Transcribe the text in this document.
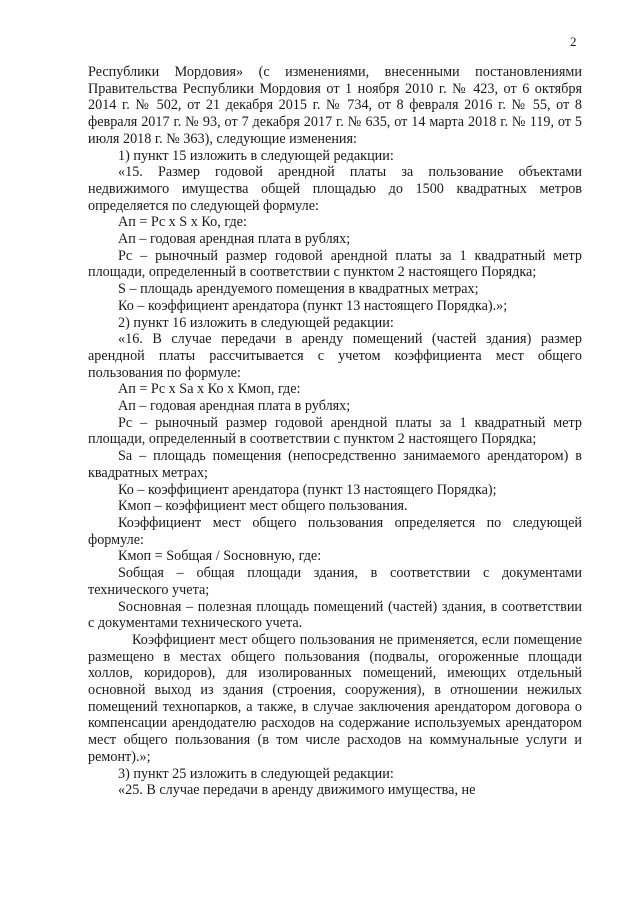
2

Республики Мордовия» (с изменениями, внесенными постановлениями Правительства Республики Мордовия от 1 ноября 2010 г. № 423, от 6 октября 2014 г. № 502, от 21 декабря 2015 г. № 734, от 8 февраля 2016 г. № 55, от 8 февраля 2017 г. № 93, от 7 декабря 2017 г. № 635, от 14 марта 2018 г. № 119, от 5 июля 2018 г. № 363), следующие изменения:

1) пункт 15 изложить в следующей редакции:

«15. Размер годовой арендной платы за пользование объектами недвижимого имущества общей площадью до 1500 квадратных метров определяется по следующей формуле:

Ап = Рс x S x Ко, где:

Ап – годовая арендная плата в рублях;

Рс – рыночный размер годовой арендной платы за 1 квадратный метр площади, определенный в соответствии с пунктом 2 настоящего Порядка;

S – площадь арендуемого помещения в квадратных метрах;

Ко – коэффициент арендатора (пункт 13 настоящего Порядка).»;

2) пункт 16 изложить в следующей редакции:

«16. В случае передачи в аренду помещений (частей здания) размер арендной платы рассчитывается с учетом коэффициента мест общего пользования по формуле:

Ап = Рс x Sa x Ко x Кмоп, где:

Ап – годовая арендная плата в рублях;

Рс – рыночный размер годовой арендной платы за 1 квадратный метр площади, определенный в соответствии с пунктом 2 настоящего Порядка;

Sa – площадь помещения (непосредственно занимаемого арендатором) в квадратных метрах;

Ко – коэффициент арендатора (пункт 13 настоящего Порядка);

Кмоп – коэффициент мест общего пользования.

Коэффициент мест общего пользования определяется по следующей формуле:

Кмоп = Sобщая / Sосновную, где:

Sобщая – общая площади здания, в соответствии с документами технического учета;

Sосновная – полезная площадь помещений (частей) здания, в соответствии с документами технического учета.

Коэффициент мест общего пользования не применяется, если помещение размещено в местах общего пользования (подвалы, огороженные площади холлов, коридоров), для изолированных помещений, имеющих отдельный основной выход из здания (строения, сооружения), в отношении нежилых помещений технопарков, а также, в случае заключения арендатором договора о компенсации арендодателю расходов на содержание используемых арендатором мест общего пользования (в том числе расходов на коммунальные услуги и ремонт).»;

3) пункт 25 изложить в следующей редакции:

«25. В случае передачи в аренду движимого имущества, не
